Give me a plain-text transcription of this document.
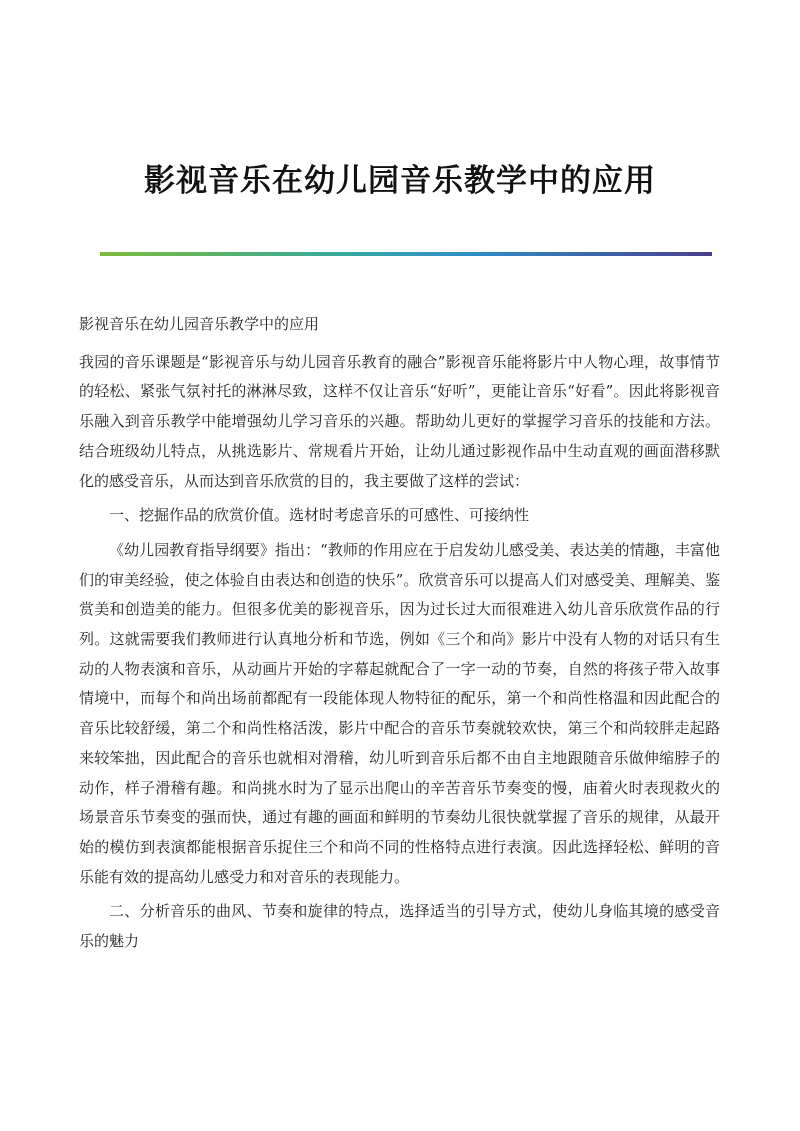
影视音乐在幼儿园音乐教学中的应用

影视音乐在幼儿园音乐教学中的应用

我园的音乐课题是“影视音乐与幼儿园音乐教育的融合”影视音乐能将影片中人物心理，故事情节的轻松、紧张气氛衬托的淋淋尽致，这样不仅让音乐“好听”，更能让音乐“好看”。因此将影视音乐融入到音乐教学中能增强幼儿学习音乐的兴趣。帮助幼儿更好的掌握学习音乐的技能和方法。结合班级幼儿特点，从挑选影片、常规看片开始，让幼儿通过影视作品中生动直观的画面潜移默化的感受音乐，从而达到音乐欣赏的目的，我主要做了这样的尝试：

一、挖掘作品的欣赏价值。选材时考虑音乐的可感性、可接纳性

《幼儿园教育指导纲要》指出：“教师的作用应在于启发幼儿感受美、表达美的情趣，丰富他们的审美经验，使之体验自由表达和创造的快乐”。欣赏音乐可以提高人们对感受美、理解美、鉴赏美和创造美的能力。但很多优美的影视音乐，因为过长过大而很难进入幼儿音乐欣赏作品的行列。这就需要我们教师进行认真地分析和节选，例如《三个和尚》影片中没有人物的对话只有生动的人物表演和音乐，从动画片开始的字幕起就配合了一字一动的节奏，自然的将孩子带入故事情境中，而每个和尚出场前都配有一段能体现人物特征的配乐，第一个和尚性格温和因此配合的音乐比较舒缓，第二个和尚性格活泼，影片中配合的音乐节奏就较欢快，第三个和尚较胖走起路来较笨拙，因此配合的音乐也就相对滑稽，幼儿听到音乐后都不由自主地跟随音乐做伸缩脖子的动作，样子滑稽有趣。和尚挑水时为了显示出爬山的辛苦音乐节奏变的慢，庙着火时表现救火的场景音乐节奏变的强而快，通过有趣的画面和鲜明的节奏幼儿很快就掌握了音乐的规律，从最开始的模仿到表演都能根据音乐捉住三个和尚不同的性格特点进行表演。因此选择轻松、鲜明的音乐能有效的提高幼儿感受力和对音乐的表现能力。

二、分析音乐的曲风、节奏和旋律的特点，选择适当的引导方式，使幼儿身临其境的感受音乐的魅力
